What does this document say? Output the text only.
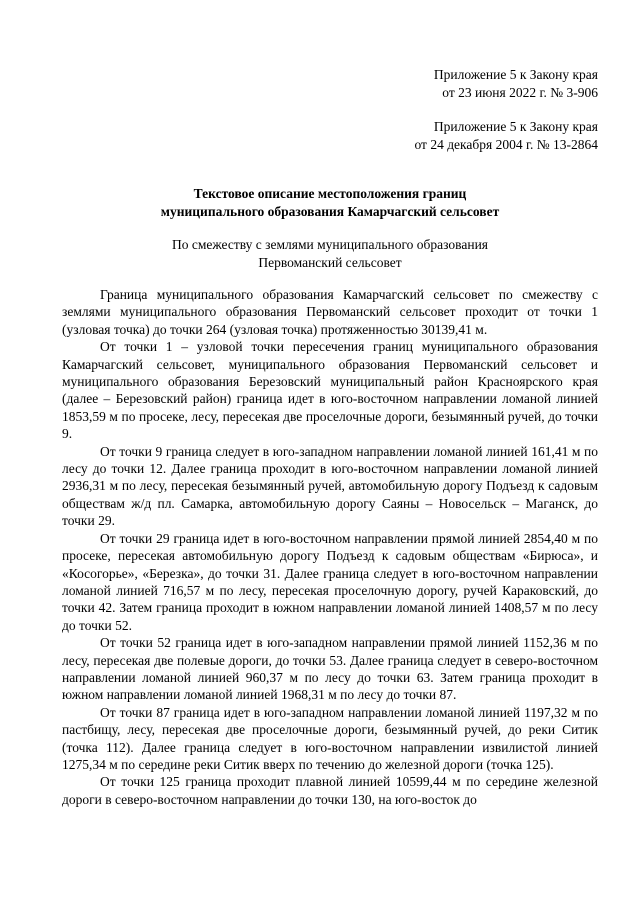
Приложение 5 к Закону края
от 23 июня 2022 г. № 3-906
Приложение 5 к Закону края
от 24 декабря 2004 г. № 13-2864
Текстовое описание местоположения границ
муниципального образования Камарчагский сельсовет
По смежеству с землями муниципального образования
Первоманский сельсовет

Граница муниципального образования Камарчагский сельсовет по смежеству с землями муниципального образования Первоманский сельсовет проходит от точки 1 (узловая точка) до точки 264 (узловая точка) протяженностью 30139,41 м.

От точки 1 – узловой точки пересечения границ муниципального образования Камарчагский сельсовет, муниципального образования Первоманский сельсовет и муниципального образования Березовский муниципальный район Красноярского края (далее – Березовский район) граница идет в юго-восточном направлении ломаной линией 1853,59 м по просеке, лесу, пересекая две проселочные дороги, безымянный ручей, до точки 9.

От точки 9 граница следует в юго-западном направлении ломаной линией 161,41 м по лесу до точки 12. Далее граница проходит в юго-восточном направлении ломаной линией 2936,31 м по лесу, пересекая безымянный ручей, автомобильную дорогу Подъезд к садовым обществам ж/д пл. Самарка, автомобильную дорогу Саяны – Новосельск – Маганск, до точки 29.

От точки 29 граница идет в юго-восточном направлении прямой линией 2854,40 м по просеке, пересекая автомобильную дорогу Подъезд к садовым обществам «Бирюса», и «Косогорье», «Березка», до точки 31. Далее граница следует в юго-восточном направлении ломаной линией 716,57 м по лесу, пересекая проселочную дорогу, ручей Караковский, до точки 42. Затем граница проходит в южном направлении ломаной линией 1408,57 м по лесу до точки 52.

От точки 52 граница идет в юго-западном направлении прямой линией 1152,36 м по лесу, пересекая две полевые дороги, до точки 53. Далее граница следует в северо-восточном направлении ломаной линией 960,37 м по лесу до точки 63. Затем граница проходит в южном направлении ломаной линией 1968,31 м по лесу до точки 87.

От точки 87 граница идет в юго-западном направлении ломаной линией 1197,32 м по пастбищу, лесу, пересекая две проселочные дороги, безымянный ручей, до реки Ситик (точка 112). Далее граница следует в юго-восточном направлении извилистой линией 1275,34 м по середине реки Ситик вверх по течению до железной дороги (точка 125).

От точки 125 граница проходит плавной линией 10599,44 м по середине железной дороги в северо-восточном направлении до точки 130, на юго-восток до
